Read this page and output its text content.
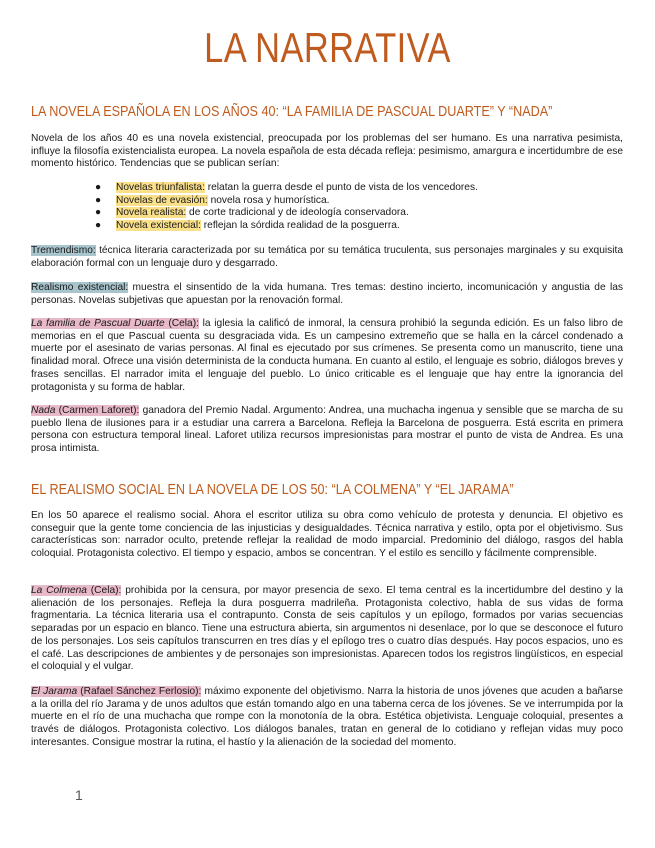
LA NARRATIVA
LA NOVELA ESPAÑOLA EN LOS AÑOS 40: “LA FAMILIA DE PASCUAL DUARTE” Y “NADA”

Novela de los años 40 es una novela existencial, preocupada por los problemas del ser humano. Es una narrativa pesimista, influye la filosofía existencialista europea. La novela española de esta década refleja: pesimismo, amargura e incertidumbre de ese momento histórico. Tendencias que se publican serían:

● Novelas triunfalista: relatan la guerra desde el punto de vista de los vencedores.
● Novelas de evasión: novela rosa y humorística.
● Novela realista: de corte tradicional y de ideología conservadora.
● Novela existencial: reflejan la sórdida realidad de la posguerra.

Tremendismo: técnica literaria caracterizada por su temática por su temática truculenta, sus personajes marginales y su exquisita elaboración formal con un lenguaje duro y desgarrado.

Realismo existencial: muestra el sinsentido de la vida humana. Tres temas: destino incierto, incomunicación y angustia de las personas. Novelas subjetivas que apuestan por la renovación formal.

La familia de Pascual Duarte (Cela): la iglesia la calificó de inmoral, la censura prohibió la segunda edición. Es un falso libro de memorias en el que Pascual cuenta su desgraciada vida. Es un campesino extremeño que se halla en la cárcel condenado a muerte por el asesinato de varias personas. Al final es ejecutado por sus crímenes. Se presenta como un manuscrito, tiene una finalidad moral. Ofrece una visión determinista de la conducta humana. En cuanto al estilo, el lenguaje es sobrio, diálogos breves y frases sencillas. El narrador imita el lenguaje del pueblo. Lo único criticable es el lenguaje que hay entre la ignorancia del protagonista y su forma de hablar.

Nada (Carmen Laforet): ganadora del Premio Nadal. Argumento: Andrea, una muchacha ingenua y sensible que se marcha de su pueblo llena de ilusiones para ir a estudiar una carrera a Barcelona. Refleja la Barcelona de posguerra. Está escrita en primera persona con estructura temporal lineal. Laforet utiliza recursos impresionistas para mostrar el punto de vista de Andrea. Es una prosa intimista.

EL REALISMO SOCIAL EN LA NOVELA DE LOS 50: “LA COLMENA” Y “EL JARAMA”

En los 50 aparece el realismo social. Ahora el escritor utiliza su obra como vehículo de protesta y denuncia. El objetivo es conseguir que la gente tome conciencia de las injusticias y desigualdades. Técnica narrativa y estilo, opta por el objetivismo. Sus características son: narrador oculto, pretende reflejar la realidad de modo imparcial. Predominio del diálogo, rasgos del habla coloquial. Protagonista colectivo. El tiempo y espacio, ambos se concentran. Y el estilo es sencillo y fácilmente comprensible.

La Colmena (Cela): prohibida por la censura, por mayor presencia de sexo. El tema central es la incertidumbre del destino y la alienación de los personajes. Refleja la dura posguerra madrileña. Protagonista colectivo, habla de sus vidas de forma fragmentaria. La técnica literaria usa el contrapunto. Consta de seis capítulos y un epílogo, formados por varias secuencias separadas por un espacio en blanco. Tiene una estructura abierta, sin argumentos ni desenlace, por lo que se desconoce el futuro de los personajes. Los seis capítulos transcurren en tres días y el epílogo tres o cuatro días después. Hay pocos espacios, uno es el café. Las descripciones de ambientes y de personajes son impresionistas. Aparecen todos los registros lingüísticos, en especial el coloquial y el vulgar.

El Jarama (Rafael Sánchez Ferlosio): máximo exponente del objetivismo. Narra la historia de unos jóvenes que acuden a bañarse a la orilla del río Jarama y de unos adultos que están tomando algo en una taberna cerca de los jóvenes. Se ve interrumpida por la muerte en el río de una muchacha que rompe con la monotonía de la obra. Estética objetivista. Lenguaje coloquial, presentes a través de diálogos. Protagonista colectivo. Los diálogos banales, tratan en general de lo cotidiano y reflejan vidas muy poco interesantes. Consigue mostrar la rutina, el hastío y la alienación de la sociedad del momento.

1
